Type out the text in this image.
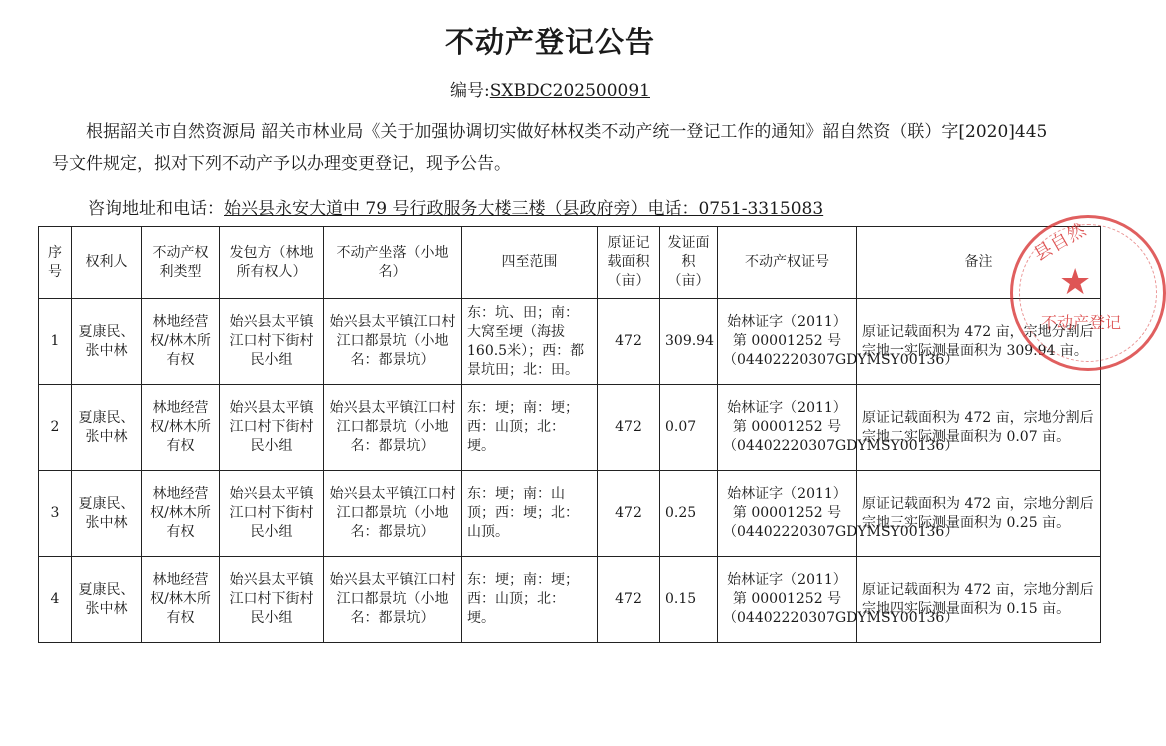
不动产登记公告
编号:SXBDC202500091
根据韶关市自然资源局 韶关市林业局《关于加强协调切实做好林权类不动产统一登记工作的通知》韶自然资（联）字[2020]445 号文件规定，拟对下列不动产予以办理变更登记，现予公告。
咨询地址和电话：始兴县永安大道中 79 号行政服务大楼三楼（县政府旁）电话：0751-3315083
序号	权利人	不动产权利类型	发包方（林地所有权人）	不动产坐落（小地名）	四至范围	原证记载面积（亩）	发证面积（亩）	不动产权证号	备注
1	夏康民、张中林	林地经营权/林木所有权	始兴县太平镇江口村下街村民小组	始兴县太平镇江口村江口都景坑（小地名：都景坑）	东：坑、田；南：大窝至埂（海拔160.5米）；西：都景坑田；北：田。	472	309.94	始林证字（2011）第 00001252 号（04402220307GDYMSY00136）	原证记载面积为 472 亩，宗地分割后宗地一实际测量面积为 309.94 亩。
2	夏康民、张中林	林地经营权/林木所有权	始兴县太平镇江口村下街村民小组	始兴县太平镇江口村江口都景坑（小地名：都景坑）	东：埂；南：埂；西：山顶；北：埂。	472	0.07	始林证字（2011）第 00001252 号（04402220307GDYMSY00136）	原证记载面积为 472 亩，宗地分割后宗地二实际测量面积为 0.07 亩。
3	夏康民、张中林	林地经营权/林木所有权	始兴县太平镇江口村下街村民小组	始兴县太平镇江口村江口都景坑（小地名：都景坑）	东：埂；南：山顶；西：埂；北：山顶。	472	0.25	始林证字（2011）第 00001252 号（04402220307GDYMSY00136）	原证记载面积为 472 亩，宗地分割后宗地三实际测量面积为 0.25 亩。
4	夏康民、张中林	林地经营权/林木所有权	始兴县太平镇江口村下街村民小组	始兴县太平镇江口村江口都景坑（小地名：都景坑）	东：埂；南：埂；西：山顶；北：埂。	472	0.15	始林证字（2011）第 00001252 号（04402220307GDYMSY00136）	原证记载面积为 472 亩，宗地分割后宗地四实际测量面积为 0.15 亩。
县自然
★
不动产登记
